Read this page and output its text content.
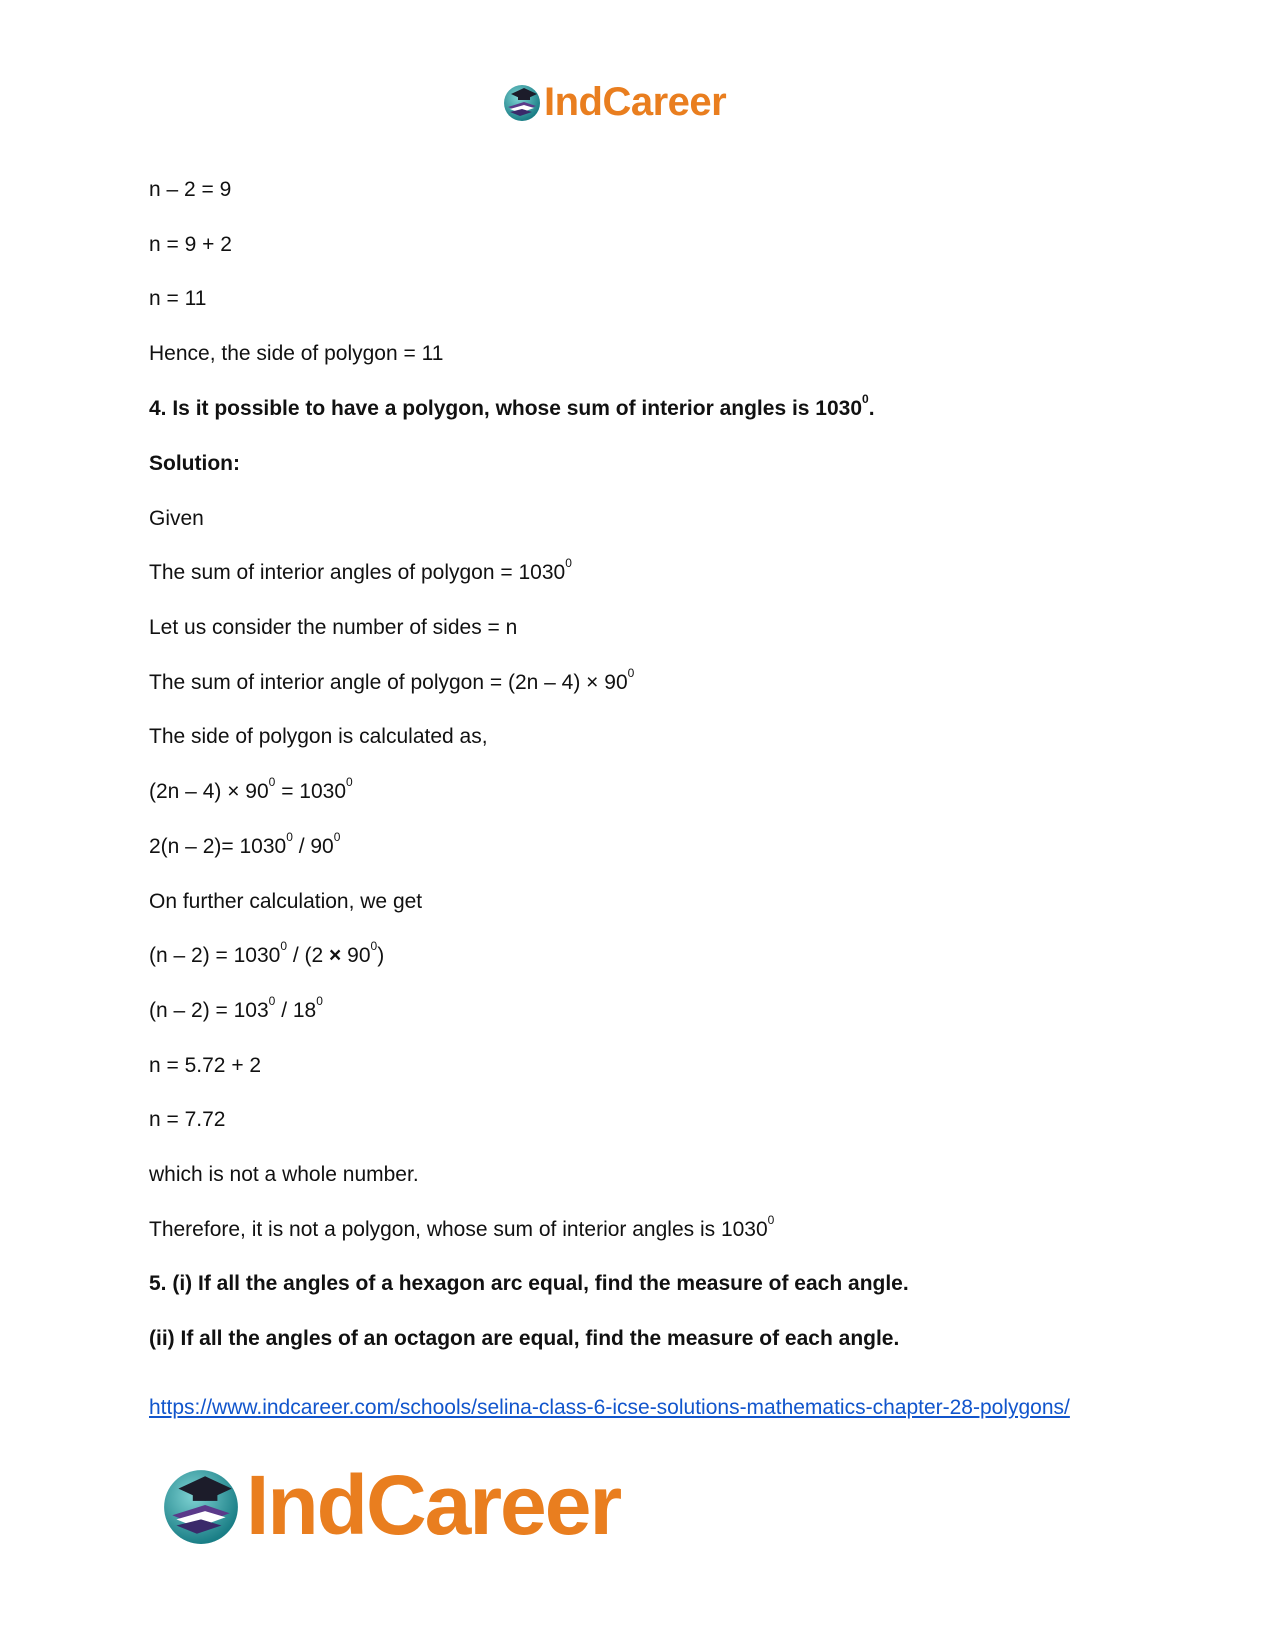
IndCareer
n – 2 = 9
n = 9 + 2
n = 11
Hence, the side of polygon = 11
4. Is it possible to have a polygon, whose sum of interior angles is 1030$^0$.
Solution:
Given
The sum of interior angles of polygon = $1030^0$
Let us consider the number of sides = n
The sum of interior angle of polygon = $(2n - 4) \times 90^0$
The side of polygon is calculated as,
$(2n - 4) \times 90^0 = 1030^0$
$2(n - 2)= 1030^0 / 90^0$
On further calculation, we get
$(n - 2) = 1030^0 / (2 \times 90^0)$
$(n - 2) = 103^0 / 18^0$
n = 5.72 + 2
n = 7.72
which is not a whole number.
Therefore, it is not a polygon, whose sum of interior angles is 1030$^0$
5. (i) If all the angles of a hexagon arc equal, find the measure of each angle.
(ii) If all the angles of an octagon are equal, find the measure of each angle.
https://www.indcareer.com/schools/selina-class-6-icse-solutions-mathematics-chapter-28-polygons/
IndCareer
